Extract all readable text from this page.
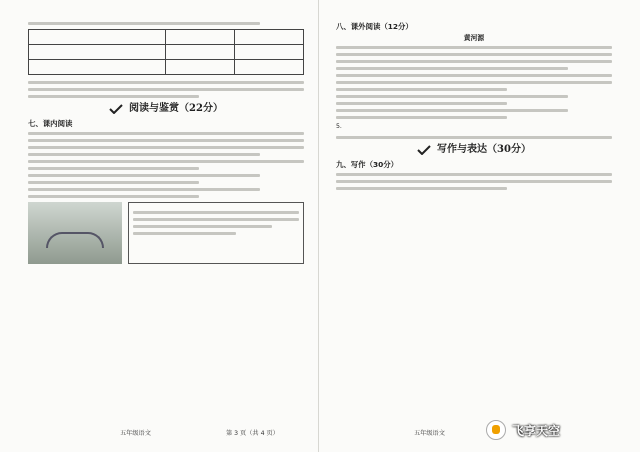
阅读与鉴赏（22分）
七、课内阅读
八、课外阅读（12分）
黄河源
5.
写作与表达（30分）
九、写作（30分）
五年级语文	第 3 页（共 4 页）	五年级语文	飞享天空
